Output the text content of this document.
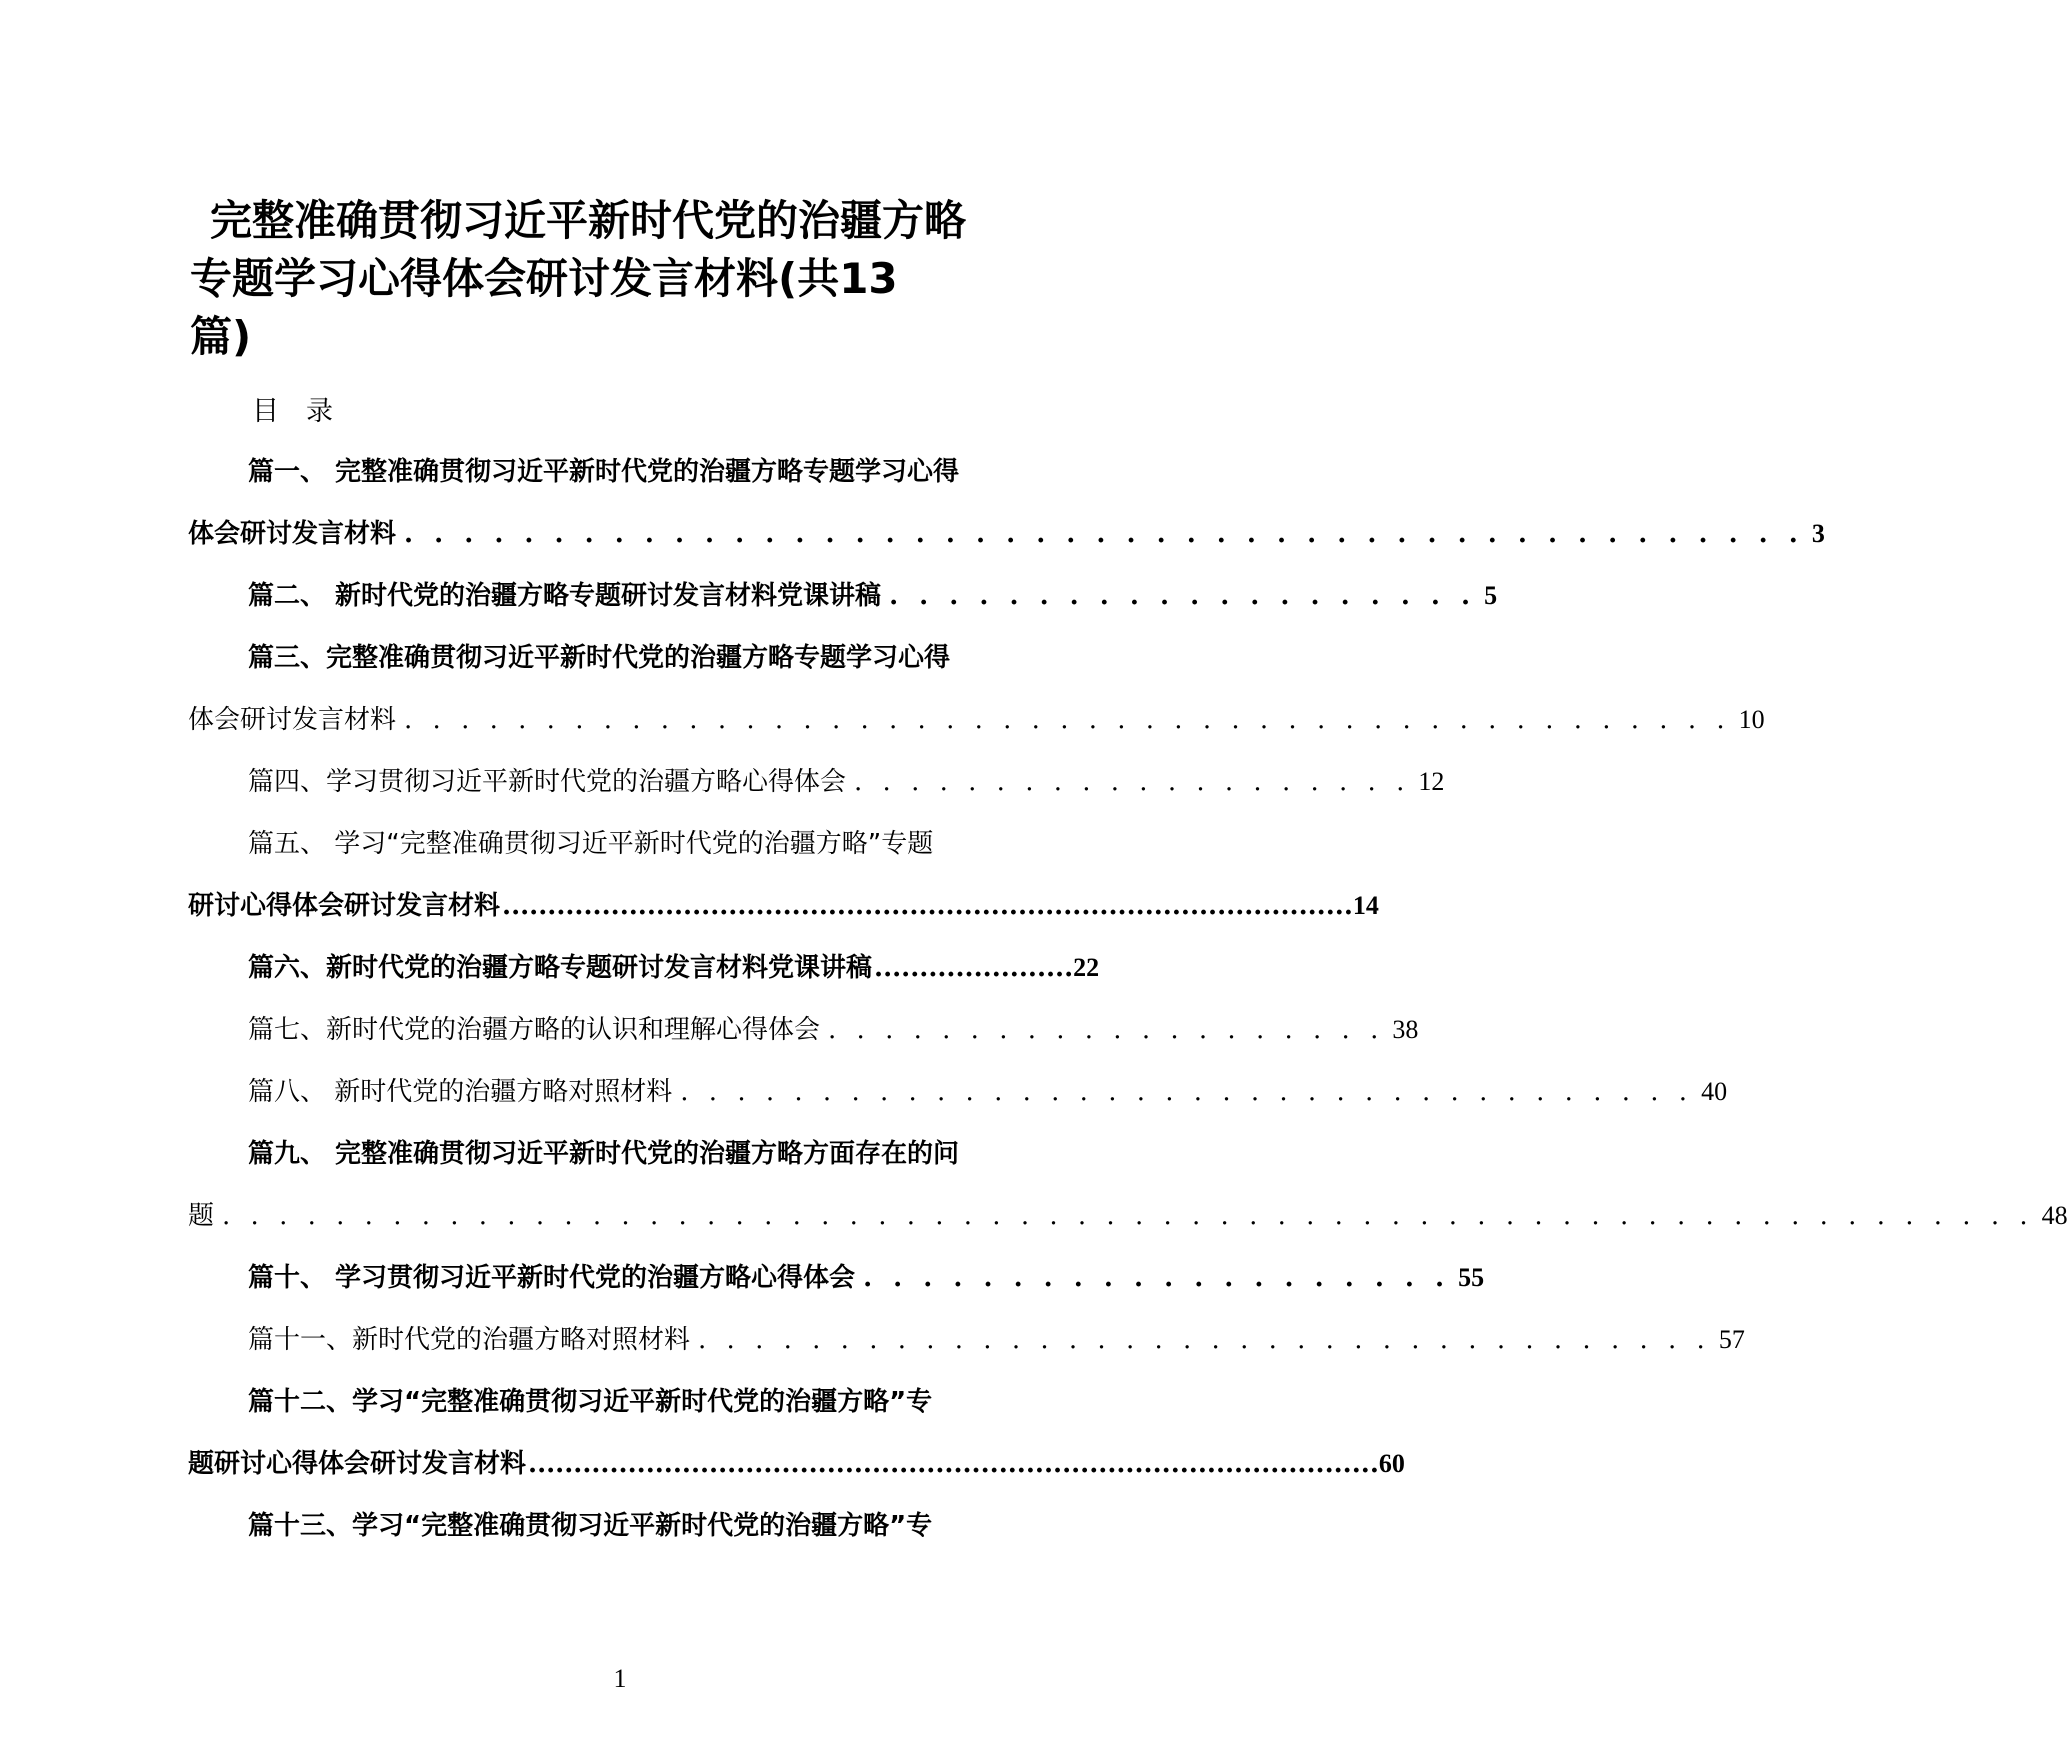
完整准确贯彻习近平新时代党的治疆方略
专题学习心得体会研讨发言材料(共13
篇)
目　录
篇一、 完整准确贯彻习近平新时代党的治疆方略专题学习心得
体会研讨发言材料 . . . . . . . . . . . . . . . . . . . . . . . . . . . . . . . . . . . . . . . . . . . . . . . 3
篇二、 新时代党的治疆方略专题研讨发言材料党课讲稿 . . . . . . . . . . . . . . . . . . . . 5
篇三、完整准确贯彻习近平新时代党的治疆方略专题学习心得
体会研讨发言材料 . . . . . . . . . . . . . . . . . . . . . . . . . . . . . . . . . . . . . . . . . . . . . . . 10
篇四、学习贯彻习近平新时代党的治疆方略心得体会 . . . . . . . . . . . . . . . . . . . . 12
篇五、 学习“完整准确贯彻习近平新时代党的治疆方略”专题
研讨心得体会研讨发言材料 .............................................................................................. 14
篇六、新时代党的治疆方略专题研讨发言材料党课讲稿 ...................... 22
篇七、新时代党的治疆方略的认识和理解心得体会 . . . . . . . . . . . . . . . . . . . . 38
篇八、 新时代党的治疆方略对照材料 . . . . . . . . . . . . . . . . . . . . . . . . . . . . . . . . . . . . 40
篇九、 完整准确贯彻习近平新时代党的治疆方略方面存在的问
题 . . . . . . . . . . . . . . . . . . . . . . . . . . . . . . . . . . . . . . . . . . . . . . . . . . . . . . . . . . . . . . . . 48
篇十、 学习贯彻习近平新时代党的治疆方略心得体会 . . . . . . . . . . . . . . . . . . . . 55
篇十一、新时代党的治疆方略对照材料 . . . . . . . . . . . . . . . . . . . . . . . . . . . . . . . . . . . . 57
篇十二、学习“完整准确贯彻习近平新时代党的治疆方略”专
题研讨心得体会研讨发言材料 .............................................................................................. 60
篇十三、学习“完整准确贯彻习近平新时代党的治疆方略”专
1
